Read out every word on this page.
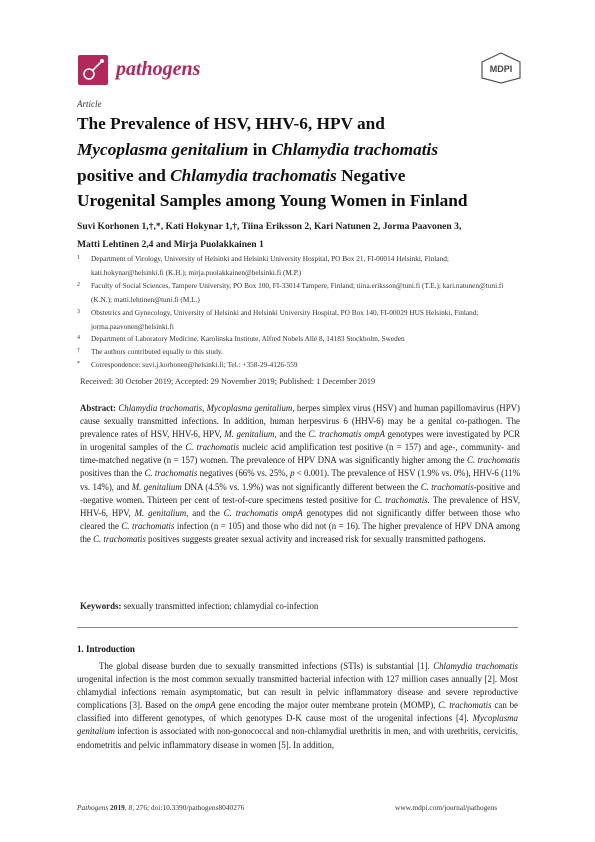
pathogens	MDPI
Article
The Prevalence of HSV, HHV-6, HPV and
Mycoplasma genitalium in Chlamydia trachomatis
positive and Chlamydia trachomatis Negative
Urogenital Samples among Young Women in Finland
Suvi Korhonen 1,†,*, Kati Hokynar 1,†, Tiina Eriksson 2, Kari Natunen 2, Jorma Paavonen 3,
Matti Lehtinen 2,4 and Mirja Puolakkainen 1
1	Department of Virology, University of Helsinki and Helsinki University Hospital, PO Box 21, FI-00014 Helsinki, Finland; kati.hokynar@helsinki.fi (K.H.); mirja.puolakkainen@helsinki.fi (M.P.)
2	Faculty of Social Sciences, Tampere University, PO Box 100, FI-33014 Tampere, Finland; tiina.eriksson@tuni.fi (T.E.); kari.natunen@tuni.fi (K.N.); matti.lehtinen@tuni.fi (M.L.)
3	Obstetrics and Gynecology, University of Helsinki and Helsinki University Hospital, PO Box 140, FI-00029 HUS Helsinki, Finland; jorma.paavonen@helsinki.fi
4	Department of Laboratory Medicine, Karolinska Institute, Alfred Nobels Allé 8, 14183 Stockholm, Sweden
†	The authors contributed equally to this study.
*	Correspondence: suvi.j.korhonen@helsinki.fi; Tel.: +358-29-4126-559
Received: 30 October 2019; Accepted: 29 November 2019; Published: 1 December 2019
Abstract: Chlamydia trachomatis, Mycoplasma genitalium, herpes simplex virus (HSV) and human papillomavirus (HPV) cause sexually transmitted infections. In addition, human herpesvirus 6 (HHV-6) may be a genital co-pathogen. The prevalence rates of HSV, HHV-6, HPV, M. genitalium, and the C. trachomatis ompA genotypes were investigated by PCR in urogenital samples of the C. trachomatis nucleic acid amplification test positive (n = 157) and age-, community- and time-matched negative (n = 157) women. The prevalence of HPV DNA was significantly higher among the C. trachomatis positives than the C. trachomatis negatives (66% vs. 25%, p < 0.001). The prevalence of HSV (1.9% vs. 0%), HHV-6 (11% vs. 14%), and M. genitalium DNA (4.5% vs. 1.9%) was not significantly different between the C. trachomatis-positive and -negative women. Thirteen per cent of test-of-cure specimens tested positive for C. trachomatis. The prevalence of HSV, HHV-6, HPV, M. genitalium, and the C. trachomatis ompA genotypes did not significantly differ between those who cleared the C. trachomatis infection (n = 105) and those who did not (n = 16). The higher prevalence of HPV DNA among the C. trachomatis positives suggests greater sexual activity and increased risk for sexually transmitted pathogens.
Keywords: sexually transmitted infection; chlamydial co-infection
1. Introduction
The global disease burden due to sexually transmitted infections (STIs) is substantial [1]. Chlamydia trachomatis urogenital infection is the most common sexually transmitted bacterial infection with 127 million cases annually [2]. Most chlamydial infections remain asymptomatic, but can result in pelvic inflammatory disease and severe reproductive complications [3]. Based on the ompA gene encoding the major outer membrane protein (MOMP), C. trachomatis can be classified into different genotypes, of which genotypes D-K cause most of the urogenital infections [4]. Mycoplasma genitalium infection is associated with non-gonococcal and non-chlamydial urethritis in men, and with urethritis, cervicitis, endometritis and pelvic inflammatory disease in women [5]. In addition,
Pathogens 2019, 8, 276; doi:10.3390/pathogens8040276	www.mdpi.com/journal/pathogens
